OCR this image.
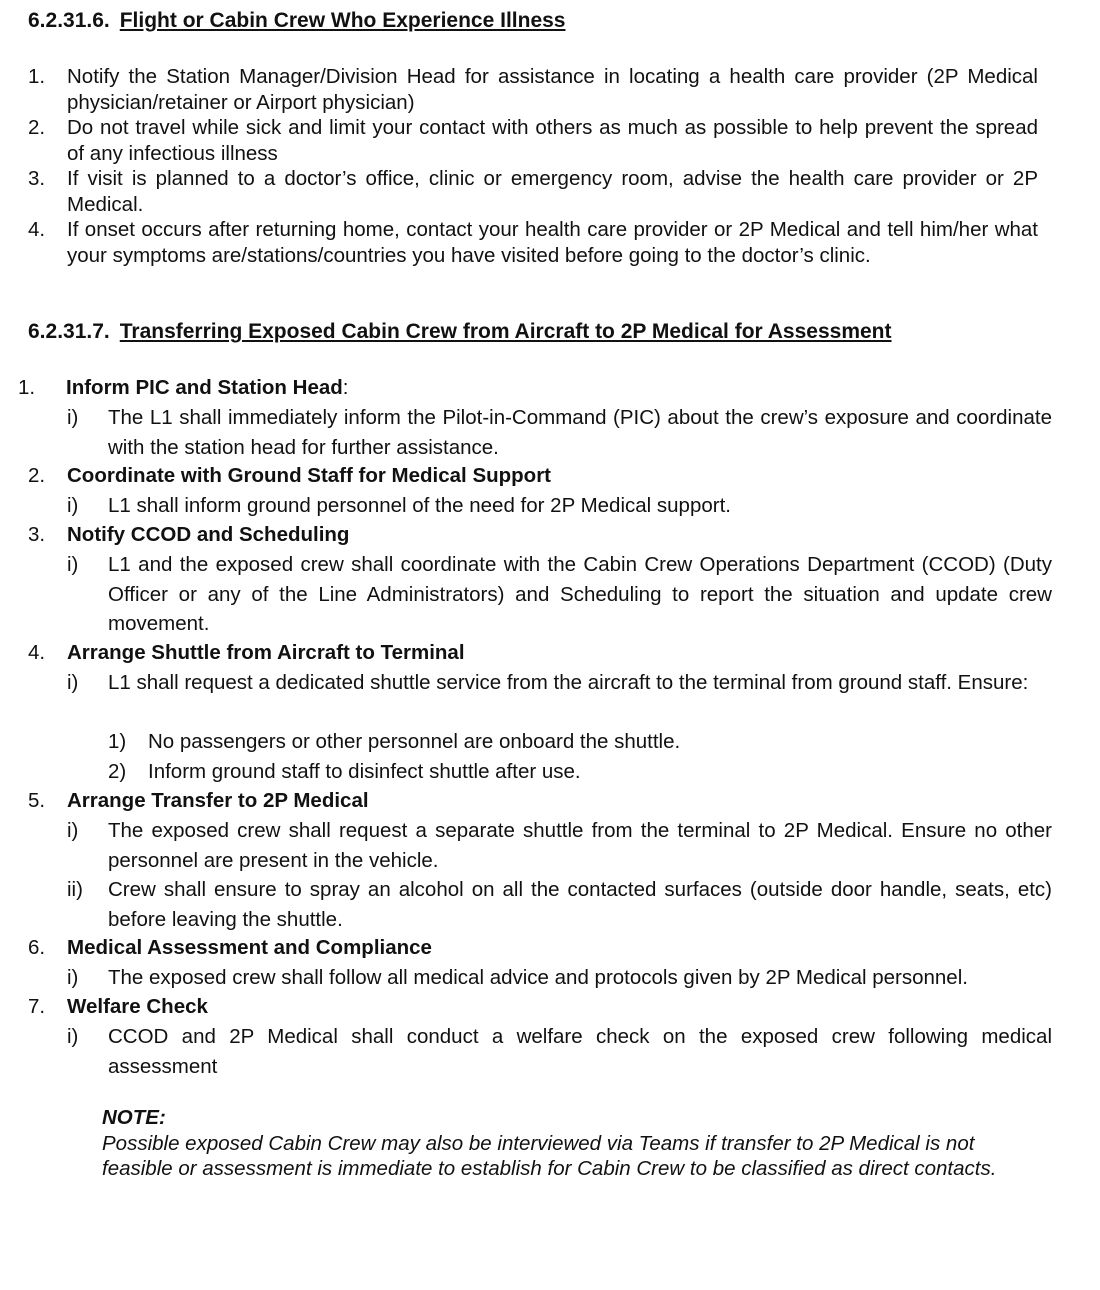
6.2.31.6. Flight or Cabin Crew Who Experience Illness
1. Notify the Station Manager/Division Head for assistance in locating a health care provider (2P Medical physician/retainer or Airport physician)
2. Do not travel while sick and limit your contact with others as much as possible to help prevent the spread of any infectious illness
3. If visit is planned to a doctor’s office, clinic or emergency room, advise the health care provider or 2P Medical.
4. If onset occurs after returning home, contact your health care provider or 2P Medical and tell him/her what your symptoms are/stations/countries you have visited before going to the doctor’s clinic.
6.2.31.7. Transferring Exposed Cabin Crew from Aircraft to 2P Medical for Assessment
1. Inform PIC and Station Head:
i) The L1 shall immediately inform the Pilot-in-Command (PIC) about the crew’s exposure and coordinate with the station head for further assistance.
2. Coordinate with Ground Staff for Medical Support
i) L1 shall inform ground personnel of the need for 2P Medical support.
3. Notify CCOD and Scheduling
i) L1 and the exposed crew shall coordinate with the Cabin Crew Operations Department (CCOD) (Duty Officer or any of the Line Administrators) and Scheduling to report the situation and update crew movement.
4. Arrange Shuttle from Aircraft to Terminal
i) L1 shall request a dedicated shuttle service from the aircraft to the terminal from ground staff. Ensure:
1) No passengers or other personnel are onboard the shuttle.
2) Inform ground staff to disinfect shuttle after use.
5. Arrange Transfer to 2P Medical
i) The exposed crew shall request a separate shuttle from the terminal to 2P Medical. Ensure no other personnel are present in the vehicle.
ii) Crew shall ensure to spray an alcohol on all the contacted surfaces (outside door handle, seats, etc) before leaving the shuttle.
6. Medical Assessment and Compliance
i) The exposed crew shall follow all medical advice and protocols given by 2P Medical personnel.
7. Welfare Check
i) CCOD and 2P Medical shall conduct a welfare check on the exposed crew following medical assessment
NOTE:
Possible exposed Cabin Crew may also be interviewed via Teams if transfer to 2P Medical is not feasible or assessment is immediate to establish for Cabin Crew to be classified as direct contacts.
